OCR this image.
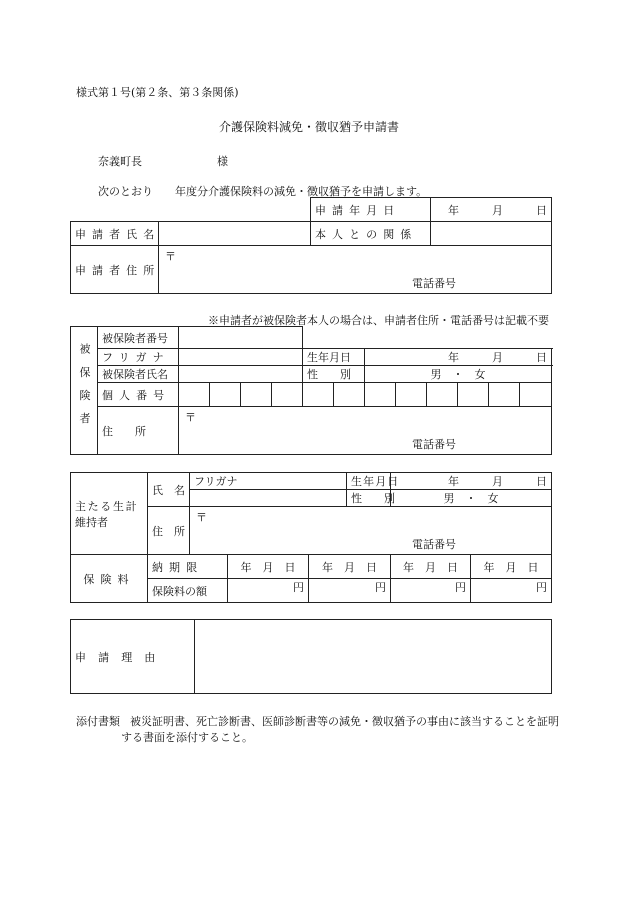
様式第１号(第２条、第３条関係)
介護保険料減免・徴収猶予申請書
奈義町長	様
次のとおり 年度分介護保険料の減免・徴収猶予を申請します。
		申請年月日	年　　　月　　　日
申請者氏名		本人との関係	
申請者住所	〒
電話番号		
※申請者が被保険者本人の場合は、申請者住所・電話番号は記載不要
被保険者	被保険者番号											

	フリガナ					生年月日		年　　　月　　　日					
	被保険者氏名					性　　別		男　・　女					
	個人番号												
	住　　所	〒
電話番号											
主たる生計
維持者	氏　名	フリガナ			生年月日	年　　　月　　　日	
					性　　別	男　・　女	
	住　所	〒
電話番号					

保険料	納期限		年　月　日	年　月　日		年　月　日	年　月　日
	保険料の額		円	円		円	円
申請理由	
添付書類 被災証明書、死亡診断書、医師診断書等の減免・徴収猶予の事由に該当することを証明
する書面を添付すること。
